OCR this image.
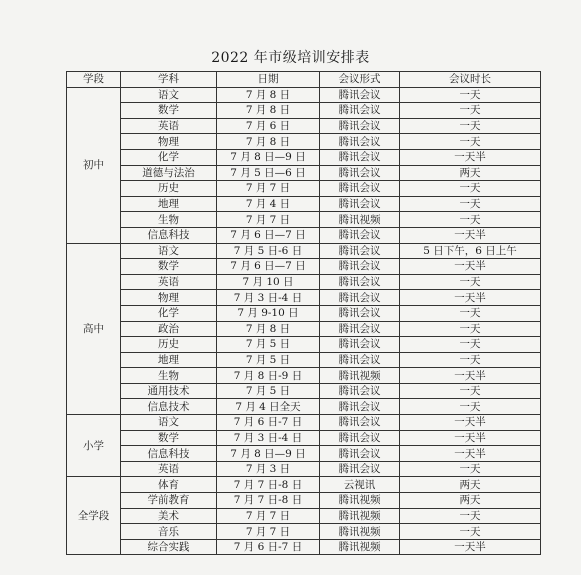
2022 年市级培训安排表
学段	学科	日期	会议形式	会议时长
初中	语文	7 月 8 日	腾讯会议	一天
	数学	7 月 8 日	腾讯会议	一天
	英语	7 月 6 日	腾讯会议	一天
	物理	7 月 8 日	腾讯会议	一天
	化学	7 月 8 日—9 日	腾讯会议	一天半
	道德与法治	7 月 5 日—6 日	腾讯会议	两天
	历史	7 月 7 日	腾讯会议	一天
	地理	7 月 4 日	腾讯会议	一天
	生物	7 月 7 日	腾讯视频	一天
	信息科技	7 月 6 日—7 日	腾讯会议	一天半
高中	语文	7 月 5 日-6 日	腾讯会议	5 日下午，6 日上午
	数学	7 月 6 日—7 日	腾讯会议	一天半
	英语	7 月 10 日	腾讯会议	一天
	物理	7 月 3 日-4 日	腾讯会议	一天半
	化学	7 月 9-10 日	腾讯会议	一天
	政治	7 月 8 日	腾讯会议	一天
	历史	7 月 5 日	腾讯会议	一天
	地理	7 月 5 日	腾讯会议	一天
	生物	7 月 8 日-9 日	腾讯视频	一天半
	通用技术	7 月 5 日	腾讯会议	一天
	信息技术	7 月 4 日全天	腾讯会议	一天
小学	语文	7 月 6 日-7 日	腾讯会议	一天半
	数学	7 月 3 日-4 日	腾讯会议	一天半
	信息科技	7 月 8 日—9 日	腾讯会议	一天半
	英语	7 月 3 日	腾讯会议	一天
全学段	体育	7 月 7 日-8 日	云视讯	两天
	学前教育	7 月 7 日-8 日	腾讯视频	两天
	美术	7 月 7 日	腾讯视频	一天
	音乐	7 月 7 日	腾讯视频	一天
	综合实践	7 月 6 日-7 日	腾讯视频	一天半
